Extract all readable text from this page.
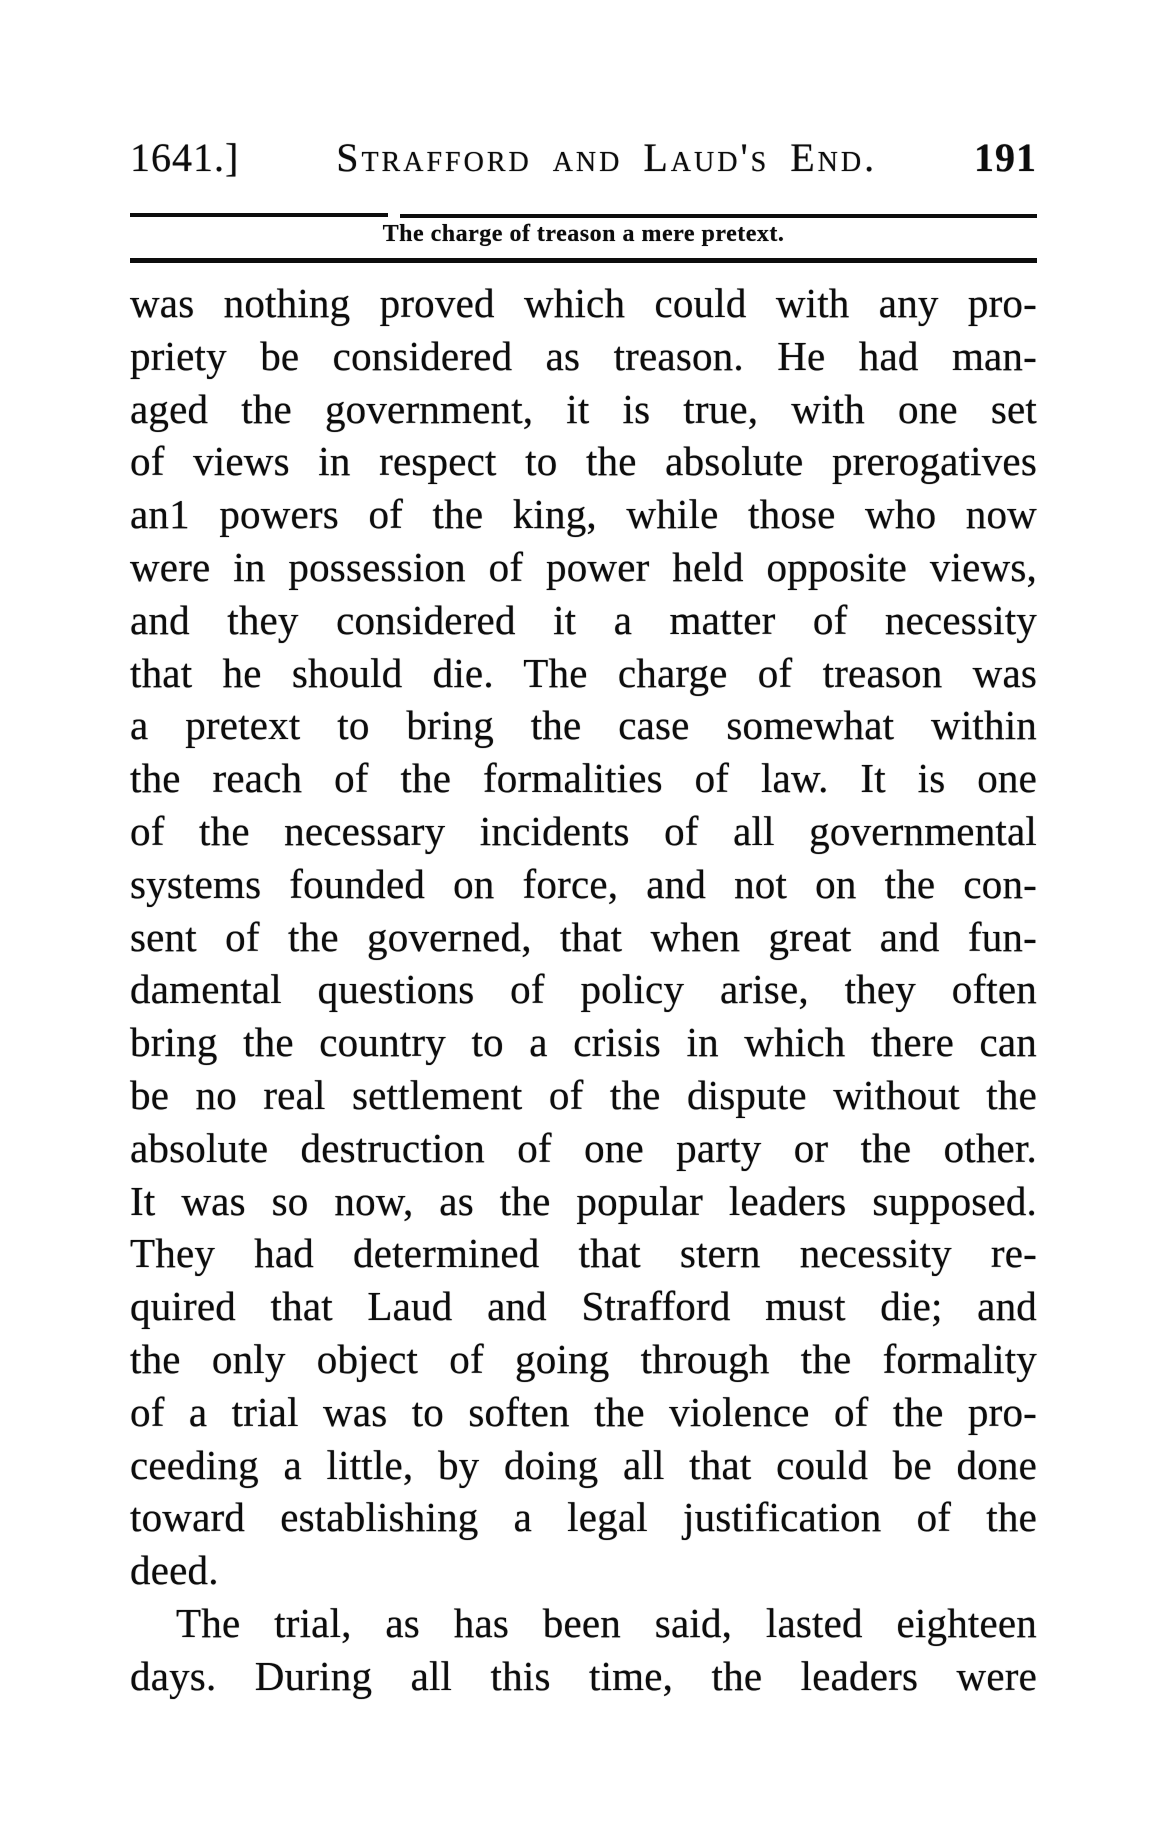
1641.] Strafford and Laud's End. 191
The charge of treason a mere pretext.
was nothing proved which could with any pro-
priety be considered as treason. He had man-
aged the government, it is true, with one set
of views in respect to the absolute prerogatives
an1 powers of the king, while those who now
were in possession of power held opposite views,
and they considered it a matter of necessity
that he should die. The charge of treason was
a pretext to bring the case somewhat within
the reach of the formalities of law. It is one
of the necessary incidents of all governmental
systems founded on force, and not on the con-
sent of the governed, that when great and fun-
damental questions of policy arise, they often
bring the country to a crisis in which there can
be no real settlement of the dispute without the
absolute destruction of one party or the other.
It was so now, as the popular leaders supposed.
They had determined that stern necessity re-
quired that Laud and Strafford must die; and
the only object of going through the formality
of a trial was to soften the violence of the pro-
ceeding a little, by doing all that could be done
toward establishing a legal justification of the
deed.
The trial, as has been said, lasted eighteen
days. During all this time, the leaders were
